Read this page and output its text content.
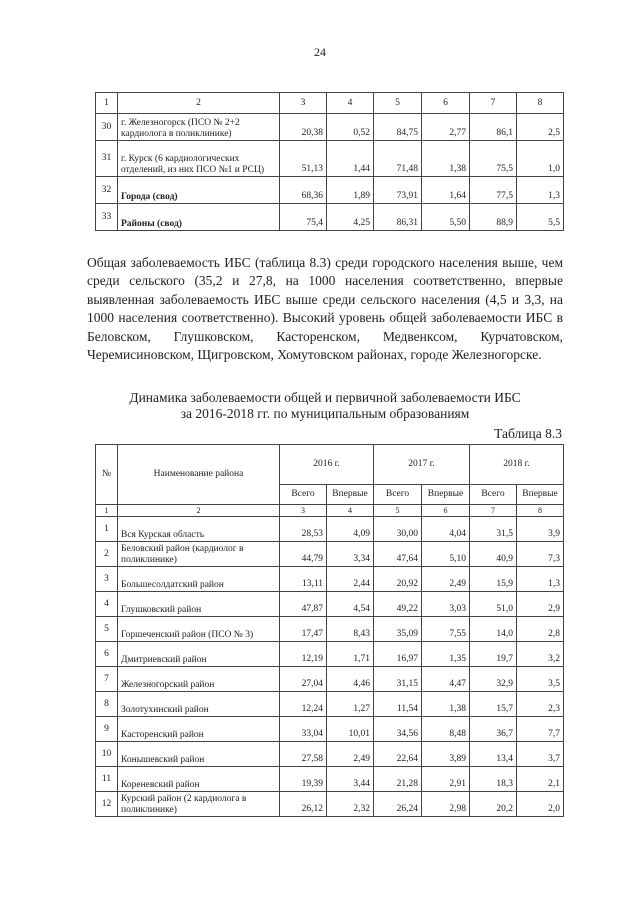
24
1	2	3	4	5	6	7	8
30	г. Железногорск (ПСО № 2+2 кардиолога в поликлинике)	20,38	0,52	84,75	2,77	86,1	2,5
31	г. Курск (6 кардиологических отделений, из них ПСО №1 и РСЦ)	51,13	1,44	71,48	1,38	75,5	1,0
32	Города (свод)	68,36	1,89	73,91	1,64	77,5	1,3
33	Районы (свод)	75,4	4,25	86,31	5,50	88,9	5,5

Общая заболеваемость ИБС (таблица 8.3) среди городского населения выше, чем среди сельского (35,2 и 27,8, на 1000 населения соответственно, впервые выявленная заболеваемость ИБС выше среди сельского населения (4,5 и 3,3, на 1000 населения соответственно). Высокий уровень общей заболеваемости ИБС в Беловском, Глушковском, Касторенском, Медвенксом, Курчатовском, Черемисиновском, Щигровском, Хомутовском районах, городе Железногорске.

Динамика заболеваемости общей и первичной заболеваемости ИБС
за 2016-2018 гг. по муниципальным образованиям
Таблица 8.3
№	Наименование района	2016 г.		2017 г.		2018 г.	
		Всего	Впервые	Всего	Впервые	Всего	Впервые
1	2	3	4	5	6	7	8
1	Вся Курская область	28,53	4,09	30,00	4,04	31,5	3,9
2	Беловский район (кардиолог в поликлинике)	44,79	3,34	47,64	5,10	40,9	7,3
3	Большесолдатский район	13,11	2,44	20,92	2,49	15,9	1,3
4	Глушковский район	47,87	4,54	49,22	3,03	51,0	2,9
5	Горшеченский район (ПСО № 3)	17,47	8,43	35,09	7,55	14,0	2,8
6	Дмитриевский район	12,19	1,71	16,97	1,35	19,7	3,2
7	Железногорский район	27,04	4,46	31,15	4,47	32,9	3,5
8	Золотухинский район	12,24	1,27	11,54	1,38	15,7	2,3
9	Касторенский район	33,04	10,01	34,56	8,48	36,7	7,7
10	Конышевский район	27,58	2,49	22,64	3,89	13,4	3,7
11	Кореневский район	19,39	3,44	21,28	2,91	18,3	2,1
12	Курский район (2 кардиолога в поликлинике)	26,12	2,32	26,24	2,98	20,2	2,0
